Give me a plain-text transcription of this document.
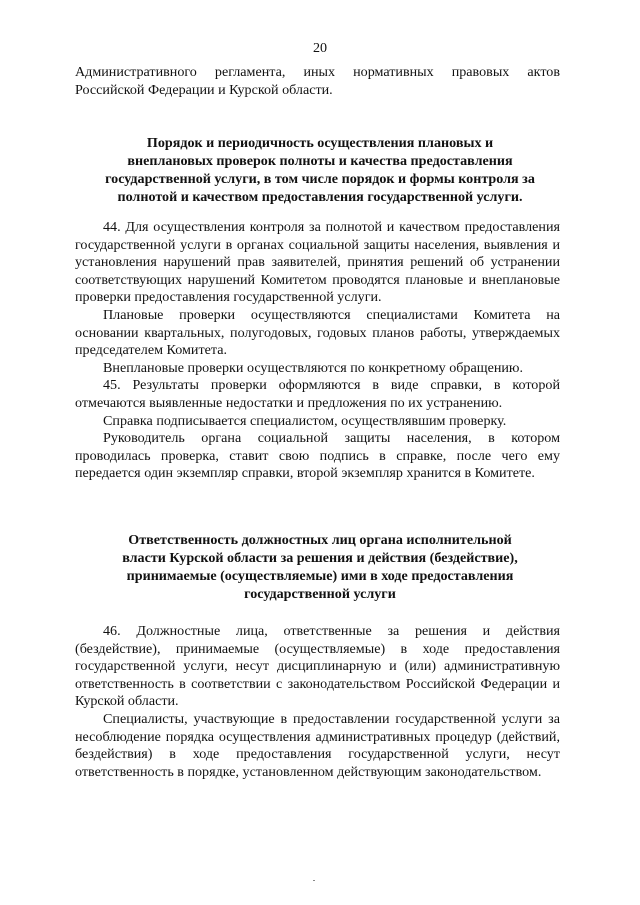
20

Административного регламента, иных нормативных правовых актов

Российской Федерации и Курской области.

Порядок и периодичность осуществления плановых и
внеплановых проверок полноты и качества предоставления
государственной услуги, в том числе порядок и формы контроля за
полнотой и качеством предоставления государственной услуги.

44. Для осуществления контроля за полнотой и качеством предоставления государственной услуги в органах социальной защиты населения, выявления и установления нарушений прав заявителей, принятия решений об устранении соответствующих нарушений Комитетом проводятся плановые и внеплановые проверки предоставления государственной услуги.

Плановые проверки осуществляются специалистами Комитета на основании квартальных, полугодовых, годовых планов работы, утверждаемых председателем Комитета.

Внеплановые проверки осуществляются по конкретному обращению.

45. Результаты проверки оформляются в виде справки, в которой отмечаются выявленные недостатки и предложения по их устранению.

Справка подписывается специалистом, осуществлявшим проверку.

Руководитель органа социальной защиты населения, в котором проводилась проверка, ставит свою подпись в справке, после чего ему передается один экземпляр справки, второй экземпляр хранится в Комитете.

Ответственность должностных лиц органа исполнительной
власти Курской области за решения и действия (бездействие),
принимаемые (осуществляемые) ими в ходе предоставления
государственной услуги

46. Должностные лица, ответственные за решения и действия (бездействие), принимаемые (осуществляемые) в ходе предоставления государственной услуги, несут дисциплинарную и (или) административную ответственность в соответствии с законодательством Российской Федерации и Курской области.

Специалисты, участвующие в предоставлении государственной услуги за несоблюдение порядка осуществления административных процедур (действий, бездействия) в ходе предоставления государственной услуги, несут ответственность в порядке, установленном действующим законодательством.
